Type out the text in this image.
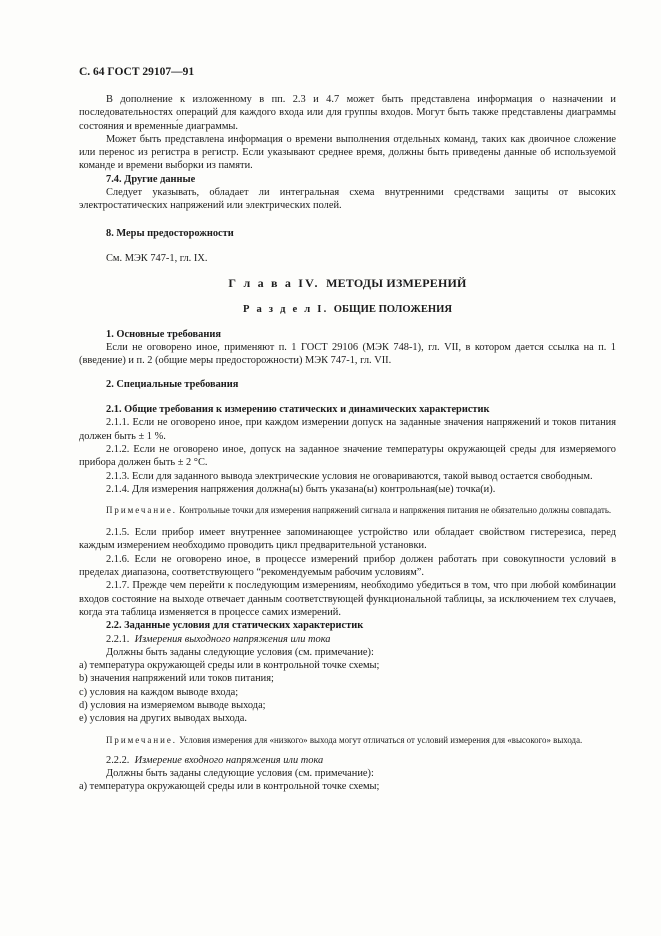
С. 64 ГОСТ 29107—91

В дополнение к изложенному в пп. 2.3 и 4.7 может быть представлена информация о назначении и последовательностях операций для каждого входа или для группы входов. Могут быть также представлены диаграммы состояния и временны́е диаграммы.

Может быть представлена информация о времени выполнения отдельных команд, таких как двоичное сложение или перенос из регистра в регистр. Если указывают среднее время, должны быть приведены данные об используемой команде и времени выборки из памяти.

7.4. Другие данные

Следует указывать, обладает ли интегральная схема внутренними средствами защиты от высоких электростатических напряжений или электрических полей.

8. Меры предосторожности

См. МЭК 747-1, гл. IX.

Г л а в а IV. МЕТОДЫ ИЗМЕРЕНИЙ

Р а з д е л I. ОБЩИЕ ПОЛОЖЕНИЯ

1. Основные требования

Если не оговорено иное, применяют п. 1 ГОСТ 29106 (МЭК 748-1), гл. VII, в котором дается ссылка на п. 1 (введение) и п. 2 (общие меры предосторожности) МЭК 747-1, гл. VII.

2. Специальные требования

2.1. Общие требования к измерению статических и динамических характеристик

2.1.1. Если не оговорено иное, при каждом измерении допуск на заданные значения напряжений и токов питания должен быть ± 1 %.

2.1.2. Если не оговорено иное, допуск на заданное значение температуры окружающей среды для измеряемого прибора должен быть ± 2 °С.

2.1.3. Если для заданного вывода электрические условия не оговариваются, такой вывод остается свободным.

2.1.4. Для измерения напряжения должна(ы) быть указана(ы) контрольная(ые) точка(и).

Примечание. Контрольные точки для измерения напряжений сигнала и напряжения питания не обязательно должны совпадать.

2.1.5. Если прибор имеет внутреннее запоминающее устройство или обладает свойством гистерезиса, перед каждым измерением необходимо проводить цикл предварительной установки.

2.1.6. Если не оговорено иное, в процессе измерений прибор должен работать при совокупности условий в пределах диапазона, соответствующего “рекомендуемым рабочим условиям”.

2.1.7. Прежде чем перейти к последующим измерениям, необходимо убедиться в том, что при любой комбинации входов состояние на выходе отвечает данным соответствующей функциональной таблицы, за исключением тех случаев, когда эта таблица изменяется в процессе самих измерений.

2.2. Заданные условия для статических характеристик

2.2.1. Измерения выходного напряжения или тока

Должны быть заданы следующие условия (см. примечание):

а) температура окружающей среды или в контрольной точке схемы;

b) значения напряжений или токов питания;

с) условия на каждом выводе входа;

d) условия на измеряемом выводе выхода;

е) условия на других выводах выхода.

Примечание. Условия измерения для «низкого» выхода могут отличаться от условий измерения для «высокого» выхода.

2.2.2. Измерение входного напряжения или тока

Должны быть заданы следующие условия (см. примечание):

а) температура окружающей среды или в контрольной точке схемы;
